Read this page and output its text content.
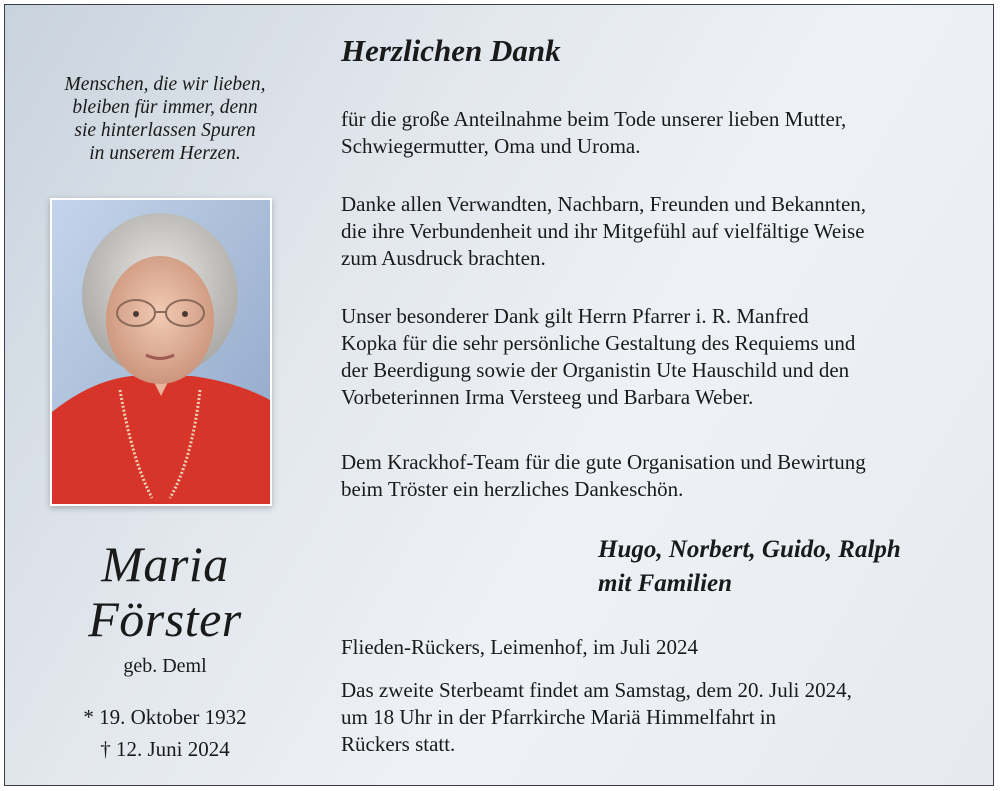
Menschen, die wir lieben,
bleiben für immer, denn
sie hinterlassen Spuren
in unserem Herzen.
Maria
Förster
geb. Deml
* 19. Oktober 1932
† 12. Juni 2024
Herzlichen Dank
für die große Anteilnahme beim Tode unserer lieben Mutter,
Schwiegermutter, Oma und Uroma.
Danke allen Verwandten, Nachbarn, Freunden und Bekannten,
die ihre Verbundenheit und ihr Mitgefühl auf vielfältige Weise
zum Ausdruck brachten.
Unser besonderer Dank gilt Herrn Pfarrer i. R. Manfred
Kopka für die sehr persönliche Gestaltung des Requiems und
der Beerdigung sowie der Organistin Ute Hauschild und den
Vorbeterinnen Irma Versteeg und Barbara Weber.
Dem Krackhof-Team für die gute Organisation und Bewirtung
beim Tröster ein herzliches Dankeschön.
Hugo, Norbert, Guido, Ralph
mit Familien
Flieden-Rückers, Leimenhof, im Juli 2024
Das zweite Sterbeamt findet am Samstag, dem 20. Juli 2024,
um 18 Uhr in der Pfarrkirche Mariä Himmelfahrt in
Rückers statt.
